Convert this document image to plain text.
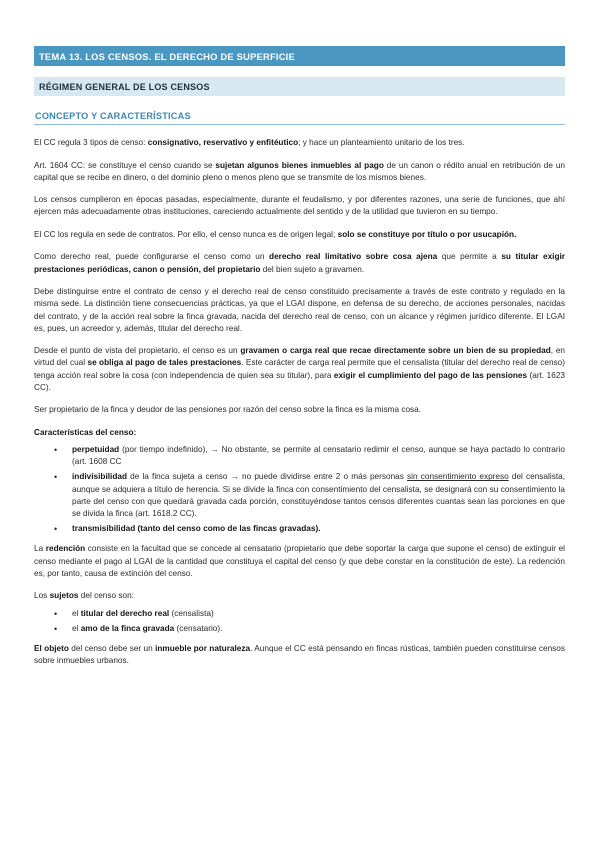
TEMA 13. LOS CENSOS. EL DERECHO DE SUPERFICIE
RÉGIMEN GENERAL DE LOS CENSOS
CONCEPTO Y CARACTERÍSTICAS

El CC regula 3 tipos de censo: consignativo, reservativo y enfitéutico; y hace un planteamiento unitario de los tres.

Art. 1604 CC: se constituye el censo cuando se sujetan algunos bienes inmuebles al pago de un canon o rédito anual en retribución de un capital que se recibe en dinero, o del dominio pleno o menos pleno que se transmite de los mismos bienes.

Los censos cumplieron en épocas pasadas, especialmente, durante el feudalismo, y por diferentes razones, una serie de funciones, que ahí ejercen más adecuadamente otras instituciones, careciendo actualmente del sentido y de la utilidad que tuvieron en su tiempo.

El CC los regula en sede de contratos. Por ello, el censo nunca es de origen legal; solo se constituye por título o por usucapión.

Como derecho real, puede configurarse el censo como un derecho real limitativo sobre cosa ajena que permite a su titular exigir prestaciones periódicas, canon o pensión, del propietario del bien sujeto a gravamen.

Debe distinguirse entre el contrato de censo y el derecho real de censo constituido precisamente a través de este contrato y regulado en la misma sede. La distinción tiene consecuencias prácticas, ya que el LGAI dispone, en defensa de su derecho, de acciones personales, nacidas del contrato, y de la acción real sobre la finca gravada, nacida del derecho real de censo, con un alcance y régimen jurídico diferente. El LGAI es, pues, un acreedor y, además, titular del derecho real.

Desde el punto de vista del propietario, el censo es un gravamen o carga real que recae directamente sobre un bien de su propiedad, en virtud del cual se obliga al pago de tales prestaciones. Este carácter de carga real permite que el censalista (titular del derecho real de censo) tenga acción real sobre la cosa (con independencia de quien sea su titular), para exigir el cumplimiento del pago de las pensiones (art. 1623 CC).

Ser propietario de la finca y deudor de las pensiones por razón del censo sobre la finca es la misma cosa.

Características del censo:

• perpetuidad (por tiempo indefinido), → No obstante, se permite al censatario redimir el censo, aunque se haya pactado lo contrario (art. 1608 CC
• indivisibilidad de la finca sujeta a censo → no puede dividirse entre 2 o más personas sin consentimiento expreso del censalista, aunque se adquiera a título de herencia. Si se divide la finca con consentimiento del censalista, se designará con su consentimiento la parte del censo con que quedará gravada cada porción, constituyéndose tantos censos diferentes cuantas sean las porciones en que se divida la finca (art. 1618.2 CC).
• transmisibilidad (tanto del censo como de las fincas gravadas).

La redención consiste en la facultad que se concede al censatario (propietario que debe soportar la carga que supone el censo) de extinguir el censo mediante el pago al LGAI de la cantidad que constituya el capital del censo (y que debe constar en la constitución de este). La redención es, por tanto, causa de extinción del censo.

Los sujetos del censo son:

• el titular del derecho real (censalista)
• el amo de la finca gravada (censatario).

El objeto del censo debe ser un inmueble por naturaleza. Aunque el CC está pensando en fincas rústicas, también pueden constituirse censos sobre inmuebles urbanos.
